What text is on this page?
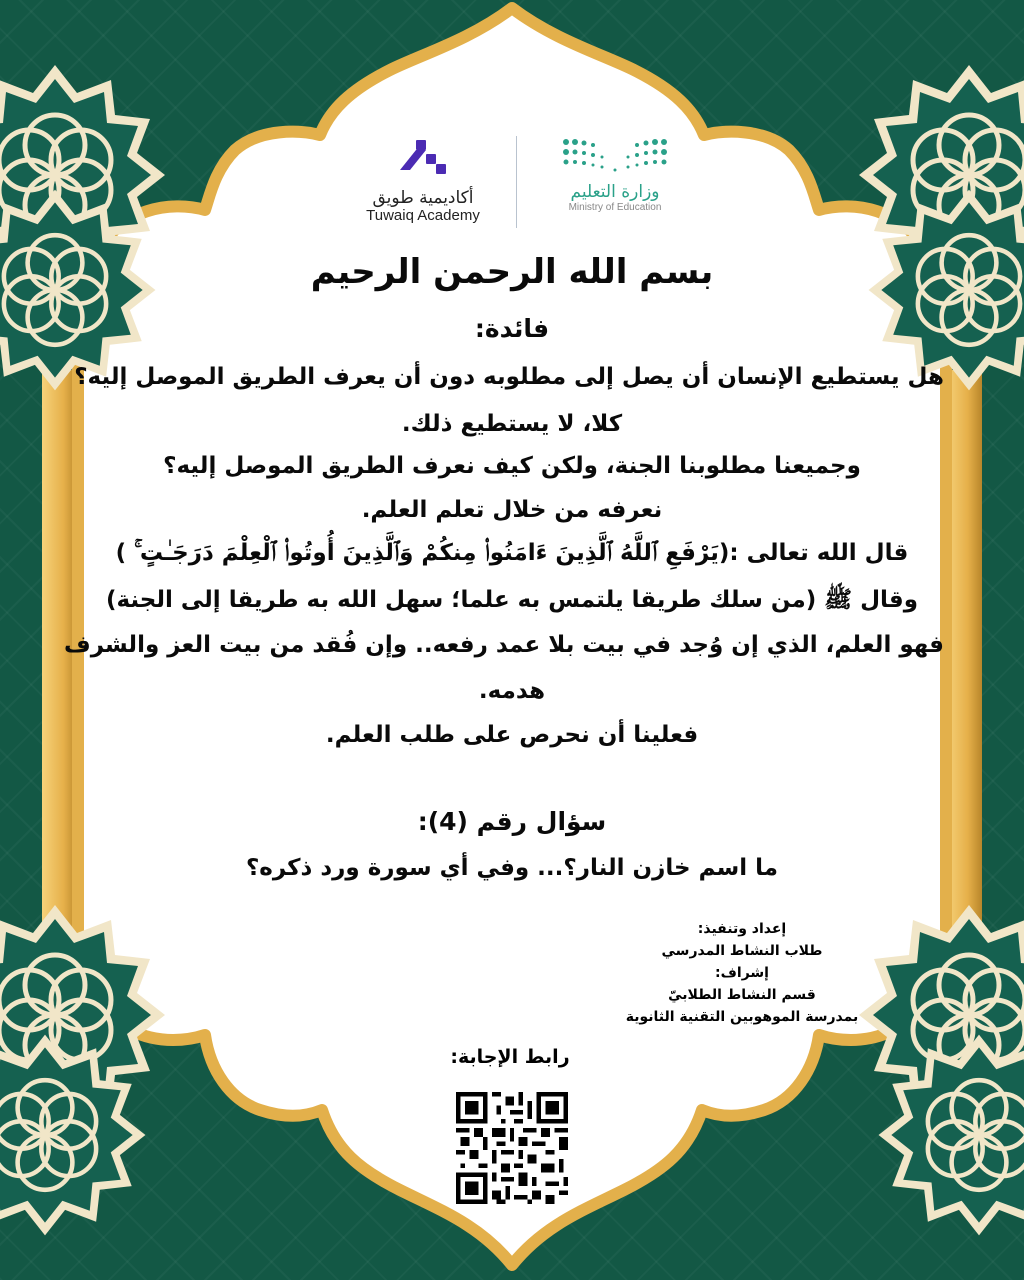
أكاديمية طويق
Tuwaiq Academy
وزارة التعليم
Ministry of Education
بسم الله الرحمن الرحيم
فائدة:
هل يستطيع الإنسان أن يصل إلى مطلوبه دون أن يعرف الطريق الموصل إليه؟
كلا، لا يستطيع ذلك.
وجميعنا مطلوبنا الجنة، ولكن كيف نعرف الطريق الموصل إليه؟
نعرفه من خلال تعلم العلم.
قال الله تعالى :(يَرْفَعِ ٱللَّهُ ٱلَّذِينَ ءَامَنُوا۟ مِنكُمْ وَٱلَّذِينَ أُوتُوا۟ ٱلْعِلْمَ دَرَجَـٰتٍ ۚ )
وقال ﷺ (من سلك طريقا يلتمس به علما؛ سهل الله به طريقا إلى الجنة)
فهو العلم، الذي إن وُجد في بيت بلا عمد رفعه.. وإن فُقد من بيت العز والشرف
هدمه.
فعلينا أن نحرص على طلب العلم.
سؤال رقم (4):
ما اسم خازن النار؟... وفي أي سورة ورد ذكره؟
إعداد وتنفيذ:
طلاب النشاط المدرسي
إشراف:
قسم النشاط الطلابيّ
بمدرسة الموهوبين التقنية الثانوية
رابط الإجابة:
